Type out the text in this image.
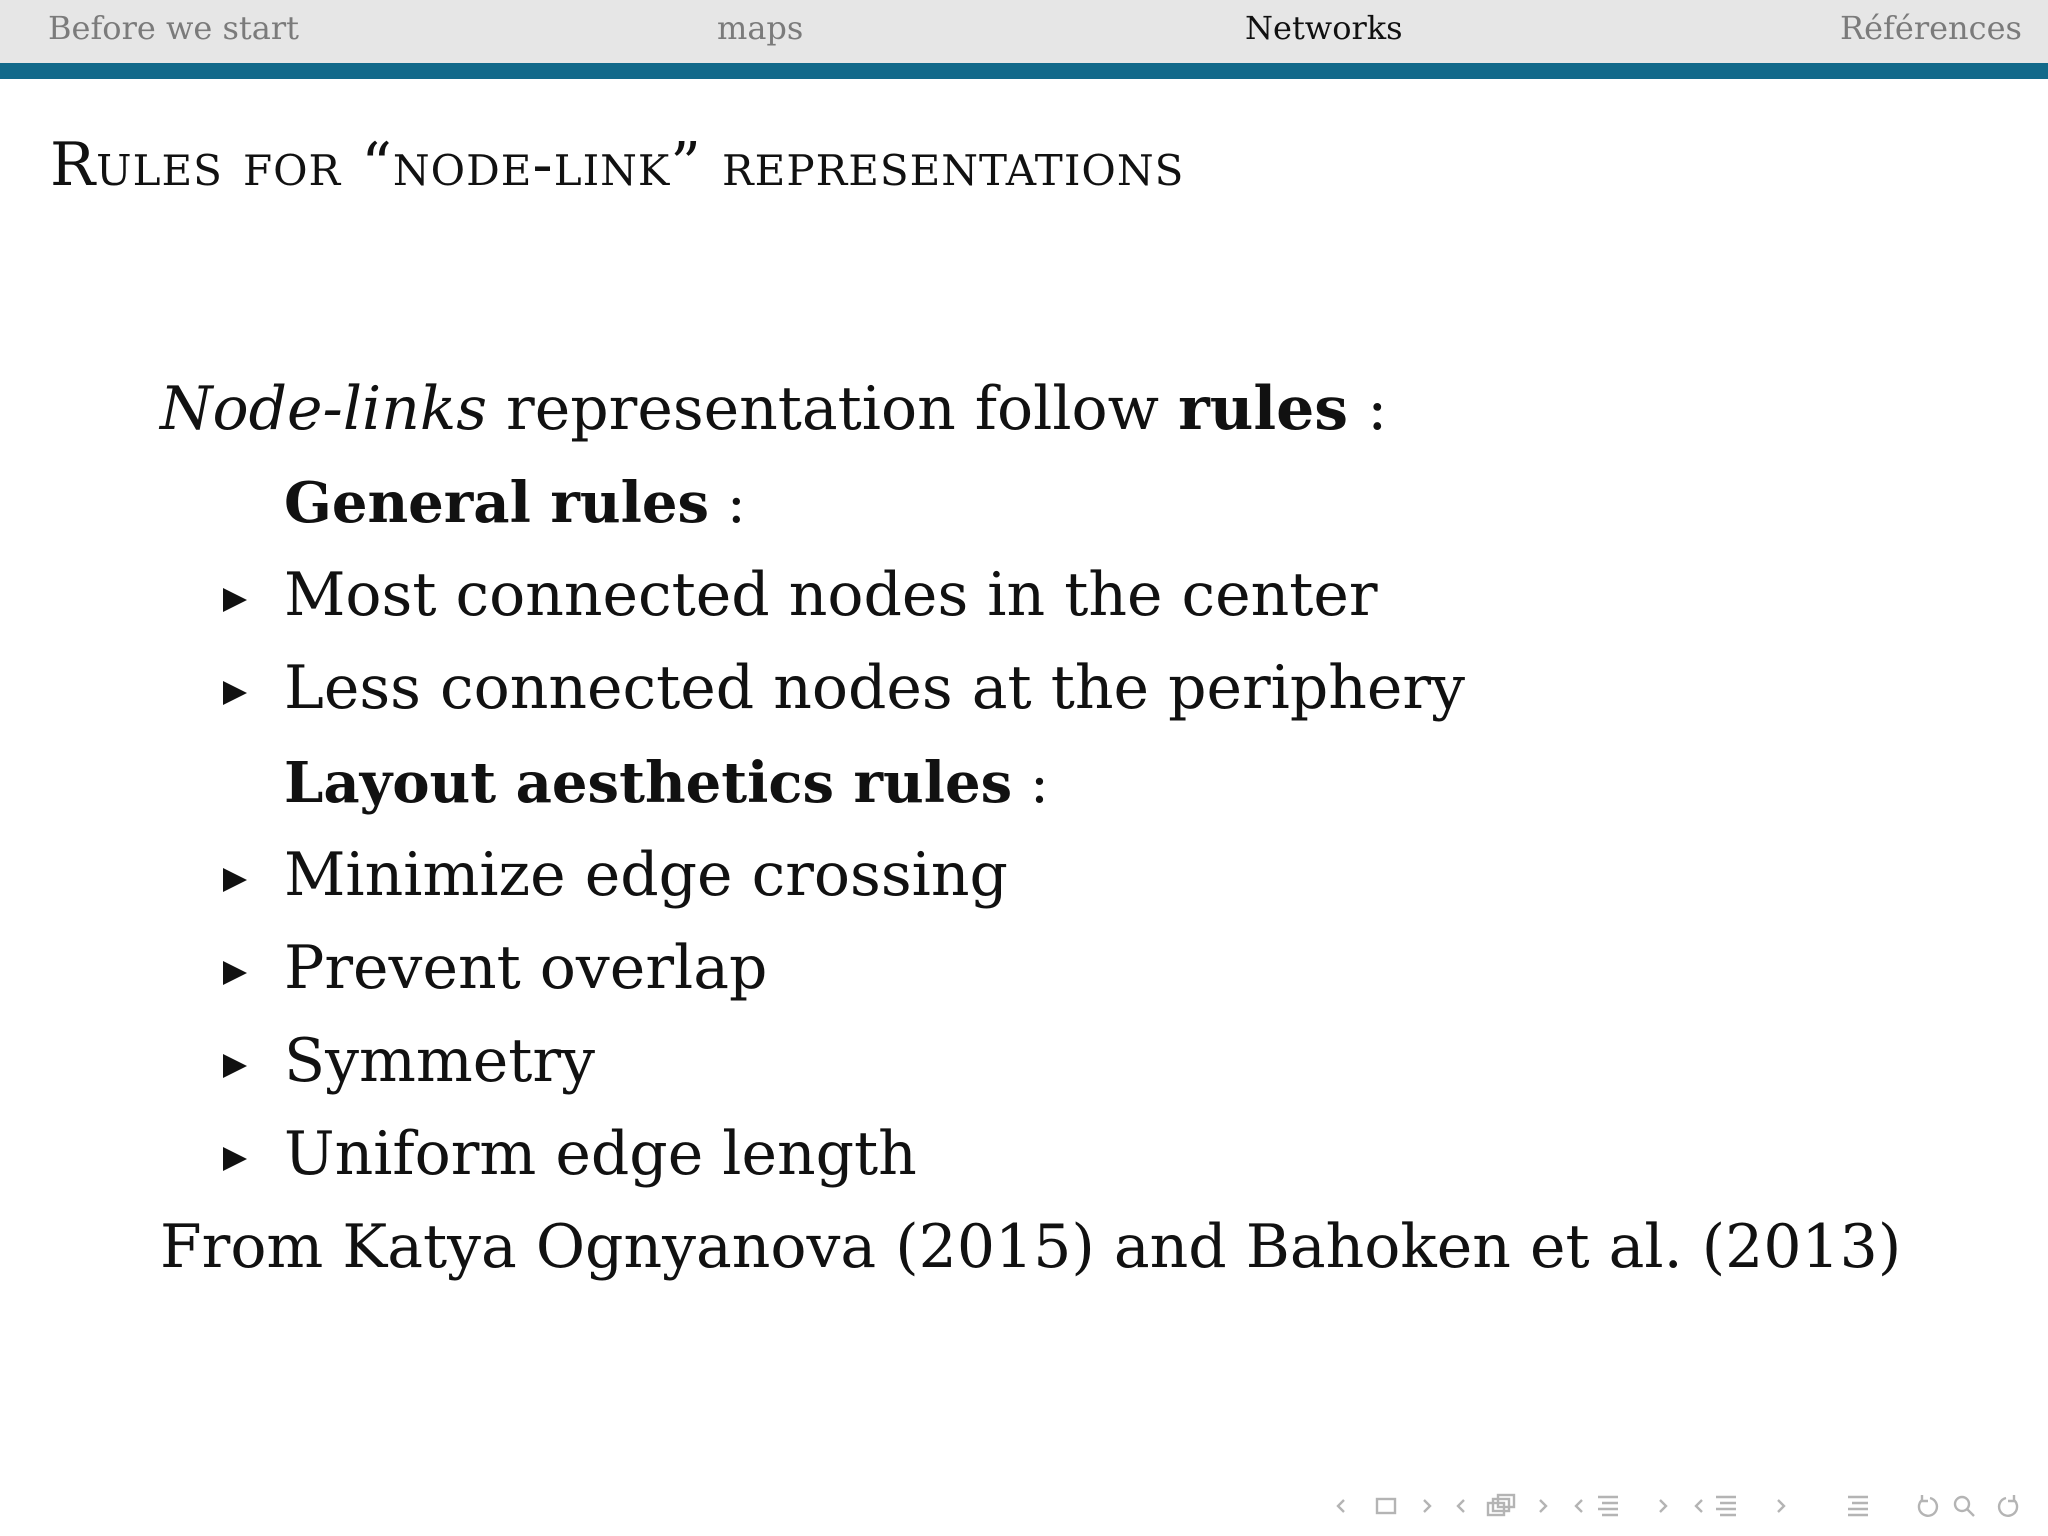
Before we start	maps	Networks	Références
Rules for “node-link” representations
Node-links representation follow rules :
General rules :
Most connected nodes in the center
Less connected nodes at the periphery
Layout aesthetics rules :
Minimize edge crossing
Prevent overlap
Symmetry
Uniform edge length
From Katya Ognyanova (2015) and Bahoken et al. (2013)
